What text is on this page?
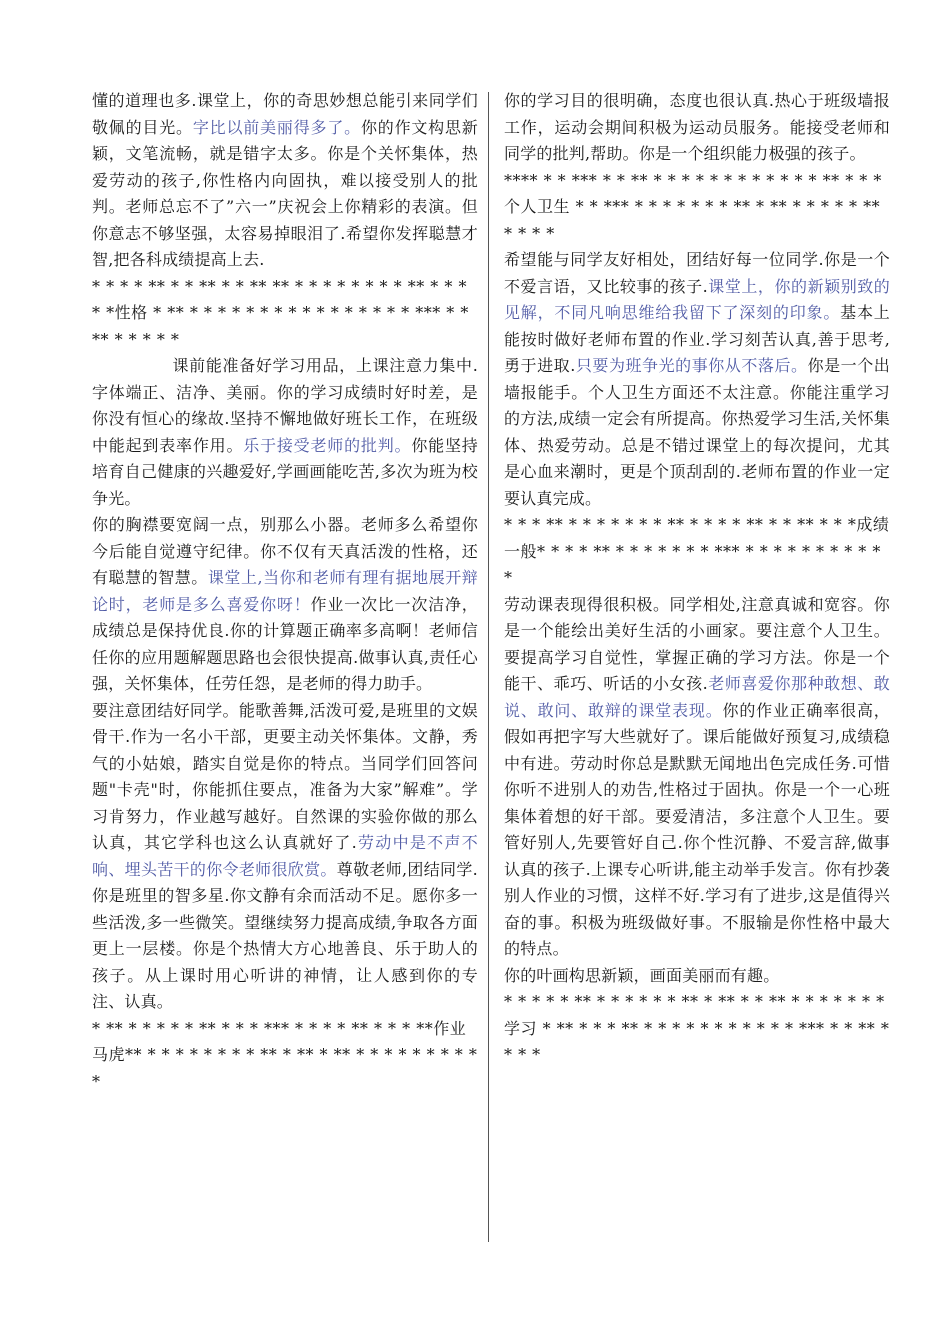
懂的道理也多.课堂上，你的奇思妙想总能引来同学们敬佩的目光。字比以前美丽得多了。你的作文构思新颖，文笔流畅，就是错字太多。你是个关怀集体，热爱劳动的孩子,你性格内向固执，难以接受别人的批判。老师总忘不了”六一”庆祝会上你精彩的表演。但你意志不够坚强，太容易掉眼泪了.希望你发挥聪慧才智,把各科成绩提高上去.

* * * * ** * * ** * * ** ** * * * * * * * * ** * * * * *性格 * ** * * * * * * * * * * * * * * * * *** * * ** * * * * *

课前能准备好学习用品，上课注意力集中.字体端正、洁净、美丽。你的学习成绩时好时差，是你没有恒心的缘故.坚持不懈地做好班长工作，在班级中能起到表率作用。乐于接受老师的批判。你能坚持培育自己健康的兴趣爱好,学画画能吃苦,多次为班为校争光。

你的胸襟要宽阔一点，别那么小器。老师多么希望你今后能自觉遵守纪律。你不仅有天真活泼的性格，还有聪慧的智慧。课堂上,当你和老师有理有据地展开辩论时，老师是多么喜爱你呀！作业一次比一次洁净，成绩总是保持优良.你的计算题正确率多高啊！老师信任你的应用题解题思路也会很快提高.做事认真,责任心强，关怀集体，任劳任怨，是老师的得力助手。

要注意团结好同学。能歌善舞,活泼可爱,是班里的文娱骨干.作为一名小干部，更要主动关怀集体。文静，秀气的小姑娘，踏实自觉是你的特点。当同学们回答问题"卡壳"时，你能抓住要点，准备为大家”解难”。学习肯努力，作业越写越好。自然课的实验你做的那么认真，其它学科也这么认真就好了.劳动中是不声不响、埋头苦干的你令老师很欣赏。尊敬老师,团结同学.你是班里的智多星.你文静有余而活动不足。愿你多一些活泼,多一些微笑。望继续努力提高成绩,争取各方面更上一层楼。你是个热情大方心地善良、乐于助人的孩子。从上课时用心听讲的神情，让人感到你的专注、认真。

* ** * * * * * ** * * * *** * * * * ** * * * **作业马虎** * * * * * * * * ** * ** * ** * * * * * * * * * *

你的学习目的很明确，态度也很认真.热心于班级墙报工作，运动会期间积极为运动员服务。能接受老师和同学的批判,帮助。你是一个组织能力极强的孩子。

**** * * *** * * ** * * * * * * * * * * * * ** * * *个人卫生 * * *** * * * * * * * ** * ** * * * * * ** * * * *

希望能与同学友好相处，团结好每一位同学.你是一个不爱言语，又比较事的孩子.课堂上，你的新颖别致的见解，不同凡响思维给我留下了深刻的印象。基本上能按时做好老师布置的作业.学习刻苦认真,善于思考,勇于进取.只要为班争光的事你从不落后。你是一个出墙报能手。个人卫生方面还不太注意。你能注重学习的方法,成绩一定会有所提高。你热爱学习生活,关怀集体、热爱劳动。总是不错过课堂上的每次提问，尤其是心血来潮时，更是个顶刮刮的.老师布置的作业一定要认真完成。

* * * ** * * * * * * * ** * * * * ** * * ** * * *成绩一般* * * * ** * * * * * * * *** * * * * * * * * * * *

劳动课表现得很积极。同学相处,注意真诚和宽容。你是一个能绘出美好生活的小画家。要注意个人卫生。要提高学习自觉性，掌握正确的学习方法。你是一个能干、乖巧、听话的小女孩.老师喜爱你那种敢想、敢说、敢问、敢辩的课堂表现。你的作业正确率很高，假如再把字写大些就好了。课后能做好预复习,成绩稳中有进。劳动时你总是默默无闻地出色完成任务.可惜你听不进别人的劝告,性格过于固执。你是一个一心班集体着想的好干部。要爱清洁，多注意个人卫生。要管好别人,先要管好自己.你个性沉静、不爱言辞,做事认真的孩子.上课专心听讲,能主动举手发言。你有抄袭别人作业的习惯，这样不好.学习有了进步,这是值得兴奋的事。积极为班级做好事。不服输是你性格中最大的特点。

你的叶画构思新颖，画面美丽而有趣。

* * * * * ** * * * * * * ** * ** * * ** * * * * * * *学习 * ** * * * ** * * * * * * * * * * * *** * * ** ** * *
